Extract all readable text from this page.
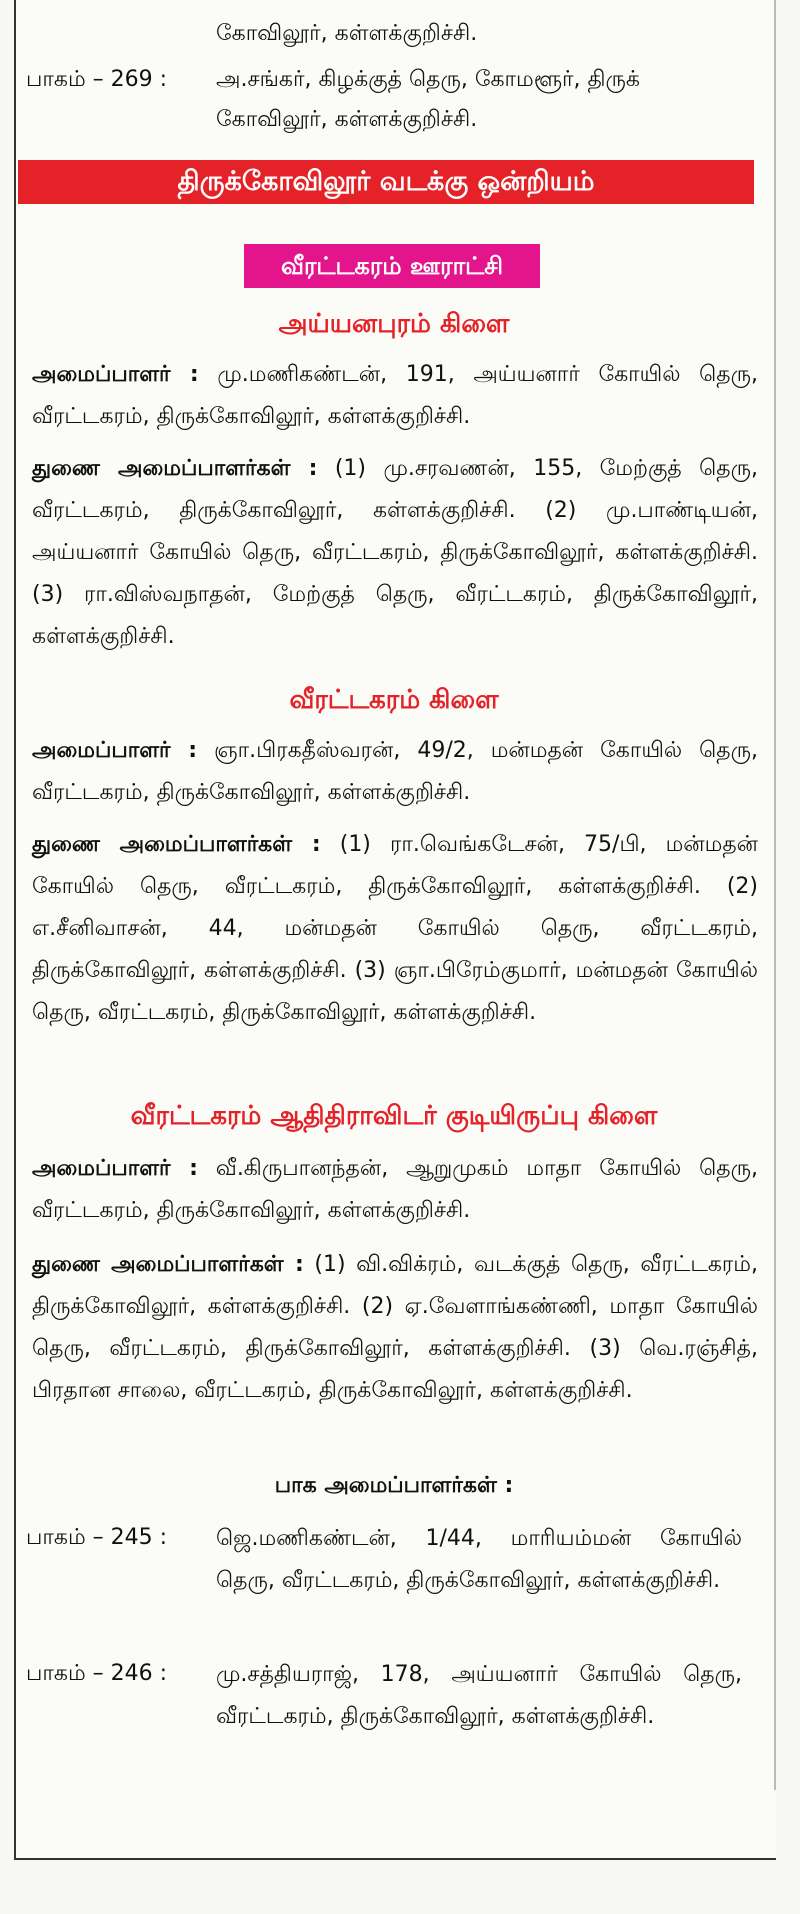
கோவிலூர், கள்ளக்குறிச்சி.
பாகம் – 269 :	அ.சங்கர், கிழக்குத் தெரு, கோமளூர், திருக்
கோவிலூர், கள்ளக்குறிச்சி.
திருக்கோவிலூர் வடக்கு ஒன்றியம்
வீரட்டகரம் ஊராட்சி
அய்யனபுரம் கிளை
அமைப்பாளர் : மு.மணிகண்டன், 191, அய்யனார் கோயில் தெரு, வீரட்டகரம், திருக்கோவிலூர், கள்ளக்குறிச்சி.
துணை அமைப்பாளர்கள் : (1) மு.சரவணன், 155, மேற்குத் தெரு, வீரட்டகரம், திருக்கோவிலூர், கள்ளக்குறிச்சி. (2) மு.பாண்டியன், அய்யனார் கோயில் தெரு, வீரட்டகரம், திருக்கோவிலூர், கள்ளக்குறிச்சி. (3) ரா.விஸ்வநாதன், மேற்குத் தெரு, வீரட்டகரம், திருக்கோவிலூர், கள்ளக்குறிச்சி.
வீரட்டகரம் கிளை
அமைப்பாளர் : ஞா.பிரகதீஸ்வரன், 49/2, மன்மதன் கோயில் தெரு, வீரட்டகரம், திருக்கோவிலூர், கள்ளக்குறிச்சி.
துணை அமைப்பாளர்கள் : (1) ரா.வெங்கடேசன், 75/பி, மன்மதன் கோயில் தெரு, வீரட்டகரம், திருக்கோவிலூர், கள்ளக்குறிச்சி. (2) எ.சீனிவாசன், 44, மன்மதன் கோயில் தெரு, வீரட்டகரம், திருக்கோவிலூர், கள்ளக்குறிச்சி. (3) ஞா.பிரேம்குமார், மன்மதன் கோயில் தெரு, வீரட்டகரம், திருக்கோவிலூர், கள்ளக்குறிச்சி.
வீரட்டகரம் ஆதிதிராவிடர் குடியிருப்பு கிளை
அமைப்பாளர் : வீ.கிருபானந்தன், ஆறுமுகம் மாதா கோயில் தெரு, வீரட்டகரம், திருக்கோவிலூர், கள்ளக்குறிச்சி.
துணை அமைப்பாளர்கள் : (1) வி.விக்ரம், வடக்குத் தெரு, வீரட்டகரம், திருக்கோவிலூர், கள்ளக்குறிச்சி. (2) ஏ.வேளாங்கண்ணி, மாதா கோயில் தெரு, வீரட்டகரம், திருக்கோவிலூர், கள்ளக்குறிச்சி. (3) வெ.ரஞ்சித், பிரதான சாலை, வீரட்டகரம், திருக்கோவிலூர், கள்ளக்குறிச்சி.
பாக அமைப்பாளர்கள் :
பாகம் – 245 :	ஜெ.மணிகண்டன், 1/44, மாரியம்மன் கோயில் தெரு, வீரட்டகரம், திருக்கோவிலூர், கள்ளக்குறிச்சி.
பாகம் – 246 :	மு.சத்தியராஜ், 178, அய்யனார் கோயில் தெரு, வீரட்டகரம், திருக்கோவிலூர், கள்ளக்குறிச்சி.
